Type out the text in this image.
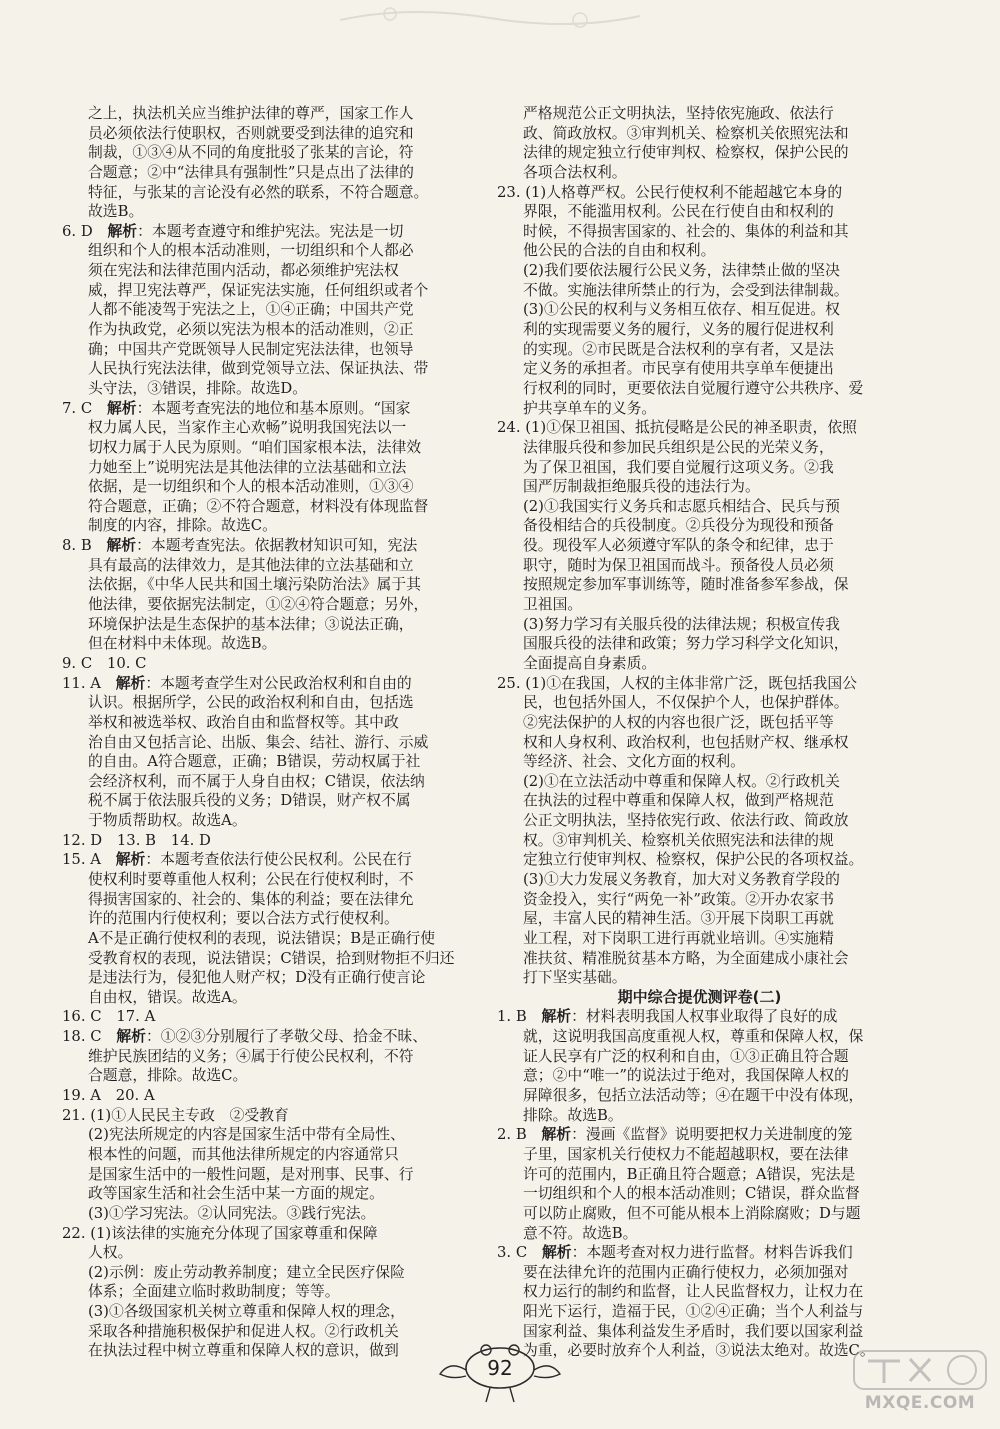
之上，执法机关应当维护法律的尊严，国家工作人
员必须依法行使职权，否则就要受到法律的追究和
制裁，①③④从不同的角度批驳了张某的言论，符
合题意；②中“法律具有强制性”只是点出了法律的
特征，与张某的言论没有必然的联系，不符合题意。
故选B。
6. D　解析：本题考查遵守和维护宪法。宪法是一切
组织和个人的根本活动准则，一切组织和个人都必
须在宪法和法律范围内活动，都必须维护宪法权
威，捍卫宪法尊严，保证宪法实施，任何组织或者个
人都不能凌驾于宪法之上，①④正确；中国共产党
作为执政党，必须以宪法为根本的活动准则，②正
确；中国共产党既领导人民制定宪法法律，也领导
人民执行宪法法律，做到党领导立法、保证执法、带
头守法，③错误，排除。故选D。
7. C　解析：本题考查宪法的地位和基本原则。“国家
权力属人民，当家作主心欢畅”说明我国宪法以一
切权力属于人民为原则。“咱们国家根本法，法律效
力她至上”说明宪法是其他法律的立法基础和立法
依据，是一切组织和个人的根本活动准则，①③④
符合题意，正确；②不符合题意，材料没有体现监督
制度的内容，排除。故选C。
8. B　解析：本题考查宪法。依据教材知识可知，宪法
具有最高的法律效力，是其他法律的立法基础和立
法依据，《中华人民共和国土壤污染防治法》属于其
他法律，要依据宪法制定，①②④符合题意；另外，
环境保护法是生态保护的基本法律；③说法正确，
但在材料中未体现。故选B。
9. C　10. C
11. A　解析：本题考查学生对公民政治权利和自由的
认识。根据所学，公民的政治权利和自由，包括选
举权和被选举权、政治自由和监督权等。其中政
治自由又包括言论、出版、集会、结社、游行、示威
的自由。A符合题意，正确；B错误，劳动权属于社
会经济权利，而不属于人身自由权；C错误，依法纳
税不属于依法服兵役的义务；D错误，财产权不属
于物质帮助权。故选A。
12. D　13. B　14. D
15. A　解析：本题考查依法行使公民权利。公民在行
使权利时要尊重他人权利；公民在行使权利时，不
得损害国家的、社会的、集体的利益；要在法律允
许的范围内行使权利；要以合法方式行使权利。
A不是正确行使权利的表现，说法错误；B是正确行使
受教育权的表现，说法错误；C错误，拾到财物拒不归还
是违法行为，侵犯他人财产权；D没有正确行使言论
自由权，错误。故选A。
16. C　17. A
18. C　解析：①②③分别履行了孝敬父母、拾金不昧、
维护民族团结的义务；④属于行使公民权利，不符
合题意，排除。故选C。
19. A　20. A
21. (1)①人民民主专政　②受教育
(2)宪法所规定的内容是国家生活中带有全局性、
根本性的问题，而其他法律所规定的内容通常只
是国家生活中的一般性问题，是对刑事、民事、行
政等国家生活和社会生活中某一方面的规定。
(3)①学习宪法。②认同宪法。③践行宪法。
22. (1)该法律的实施充分体现了国家尊重和保障
人权。
(2)示例：废止劳动教养制度；建立全民医疗保险
体系；全面建立临时救助制度；等等。
(3)①各级国家机关树立尊重和保障人权的理念，
采取各种措施积极保护和促进人权。②行政机关
在执法过程中树立尊重和保障人权的意识，做到
严格规范公正文明执法，坚持依宪施政、依法行
政、简政放权。③审判机关、检察机关依照宪法和
法律的规定独立行使审判权、检察权，保护公民的
各项合法权利。
23. (1)人格尊严权。公民行使权利不能超越它本身的
界限，不能滥用权利。公民在行使自由和权利的
时候，不得损害国家的、社会的、集体的利益和其
他公民的合法的自由和权利。
(2)我们要依法履行公民义务，法律禁止做的坚决
不做。实施法律所禁止的行为，会受到法律制裁。
(3)①公民的权利与义务相互依存、相互促进。权
利的实现需要义务的履行，义务的履行促进权利
的实现。②市民既是合法权利的享有者，又是法
定义务的承担者。市民享有使用共享单车便捷出
行权利的同时，更要依法自觉履行遵守公共秩序、爱
护共享单车的义务。
24. (1)①保卫祖国、抵抗侵略是公民的神圣职责，依照
法律服兵役和参加民兵组织是公民的光荣义务，
为了保卫祖国，我们要自觉履行这项义务。②我
国严厉制裁拒绝服兵役的违法行为。
(2)①我国实行义务兵和志愿兵相结合、民兵与预
备役相结合的兵役制度。②兵役分为现役和预备
役。现役军人必须遵守军队的条令和纪律，忠于
职守，随时为保卫祖国而战斗。预备役人员必须
按照规定参加军事训练等，随时准备参军参战，保
卫祖国。
(3)努力学习有关服兵役的法律法规；积极宣传我
国服兵役的法律和政策；努力学习科学文化知识，
全面提高自身素质。
25. (1)①在我国，人权的主体非常广泛，既包括我国公
民，也包括外国人，不仅保护个人，也保护群体。
②宪法保护的人权的内容也很广泛，既包括平等
权和人身权利、政治权利，也包括财产权、继承权
等经济、社会、文化方面的权利。
(2)①在立法活动中尊重和保障人权。②行政机关
在执法的过程中尊重和保障人权，做到严格规范
公正文明执法，坚持依宪行政、依法行政、简政放
权。③审判机关、检察机关依照宪法和法律的规
定独立行使审判权、检察权，保护公民的各项权益。
(3)①大力发展义务教育，加大对义务教育学段的
资金投入，实行“两免一补”政策。②开办农家书
屋，丰富人民的精神生活。③开展下岗职工再就
业工程，对下岗职工进行再就业培训。④实施精
准扶贫、精准脱贫基本方略，为全面建成小康社会
打下坚实基础。
期中综合提优测评卷(二)
1. B　解析：材料表明我国人权事业取得了良好的成
就，这说明我国高度重视人权，尊重和保障人权，保
证人民享有广泛的权利和自由，①③正确且符合题
意；②中“唯一”的说法过于绝对，我国保障人权的
屏障很多，包括立法活动等；④在题干中没有体现，
排除。故选B。
2. B　解析：漫画《监督》说明要把权力关进制度的笼
子里，国家机关行使权力不能超越职权，要在法律
许可的范围内，B正确且符合题意；A错误，宪法是
一切组织和个人的根本活动准则；C错误，群众监督
可以防止腐败，但不可能从根本上消除腐败；D与题
意不符。故选B。
3. C　解析：本题考查对权力进行监督。材料告诉我们
要在法律允许的范围内正确行使权力，必须加强对
权力运行的制约和监督，让人民监督权力，让权力在
阳光下运行，造福于民，①②④正确；当个人利益与
国家利益、集体利益发生矛盾时，我们要以国家利益
为重，必要时放弃个人利益，③说法太绝对。故选C。
92
MXQE.COM
